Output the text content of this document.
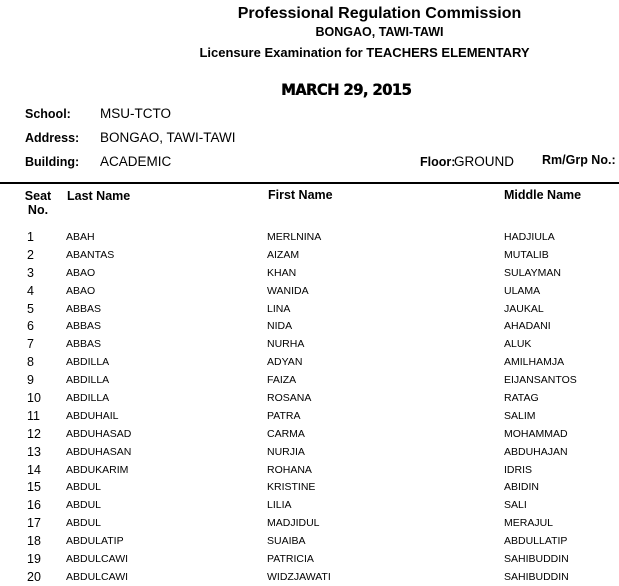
Professional Regulation Commission
BONGAO, TAWI-TAWI
Licensure Examination for TEACHERS ELEMENTARY
MARCH 29, 2015
School: MSU-TCTO
Address: BONGAO, TAWI-TAWI
Building: ACADEMIC	Floor:
GROUND Rm/Grp No.:
Seat
No.
Last Name	First Name	Middle Name
1	ABAH	MERLNINA	HADJIULA
2	ABANTAS	AIZAM	MUTALIB
3	ABAO	KHAN	SULAYMAN
4	ABAO	WANIDA	ULAMA
5	ABBAS	LINA	JAUKAL
6	ABBAS	NIDA	AHADANI
7	ABBAS	NURHA	ALUK
8	ABDILLA	ADYAN	AMILHAMJA
9	ABDILLA	FAIZA	EIJANSANTOS
10	ABDILLA	ROSANA	RATAG
11	ABDUHAIL	PATRA	SALIM
12	ABDUHASAD	CARMA	MOHAMMAD
13	ABDUHASAN	NURJIA	ABDUHAJAN
14	ABDUKARIM	ROHANA	IDRIS
15	ABDUL	KRISTINE	ABIDIN
16	ABDUL	LILIA	SALI
17	ABDUL	MADJIDUL	MERAJUL
18	ABDULATIP	SUAIBA	ABDULLATIP
19	ABDULCAWI	PATRICIA	SAHIBUDDIN
20	ABDULCAWI	WIDZJAWATI	SAHIBUDDIN
